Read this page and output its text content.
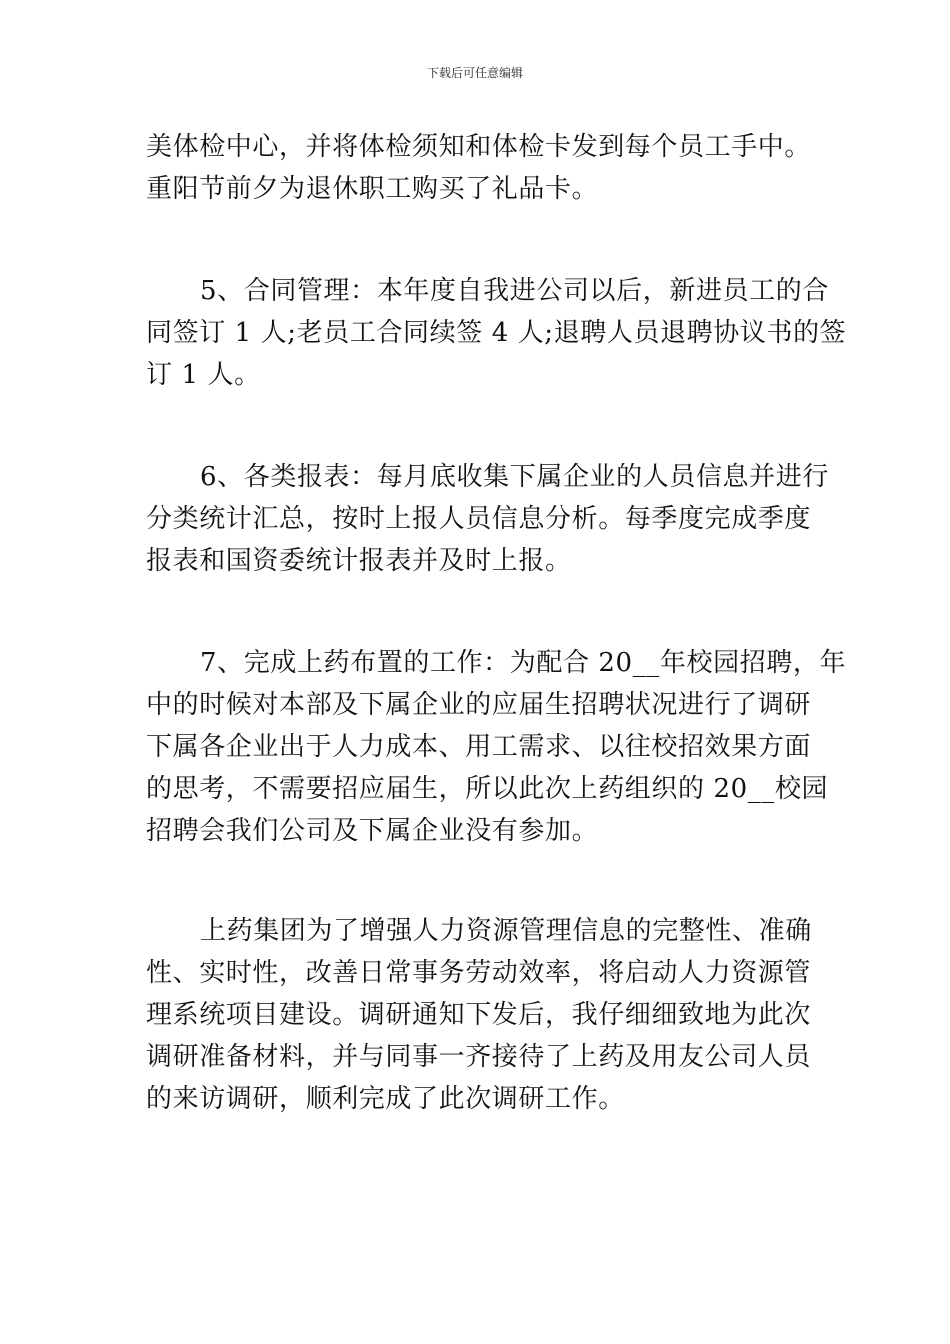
下载后可任意编辑

美体检中心，并将体检须知和体检卡发到每个员工手中。
重阳节前夕为退休职工购买了礼品卡。

5、合同管理：本年度自我进公司以后，新进员工的合
同签订 1 人;老员工合同续签 4 人;退聘人员退聘协议书的签
订 1 人。

6、各类报表：每月底收集下属企业的人员信息并进行
分类统计汇总，按时上报人员信息分析。每季度完成季度
报表和国资委统计报表并及时上报。

7、完成上药布置的工作：为配合 20__年校园招聘，年
中的时候对本部及下属企业的应届生招聘状况进行了调研
下属各企业出于人力成本、用工需求、以往校招效果方面
的思考，不需要招应届生，所以此次上药组织的 20__校园
招聘会我们公司及下属企业没有参加。

上药集团为了增强人力资源管理信息的完整性、准确
性、实时性，改善日常事务劳动效率，将启动人力资源管
理系统项目建设。调研通知下发后，我仔细细致地为此次
调研准备材料，并与同事一齐接待了上药及用友公司人员
的来访调研，顺利完成了此次调研工作。
